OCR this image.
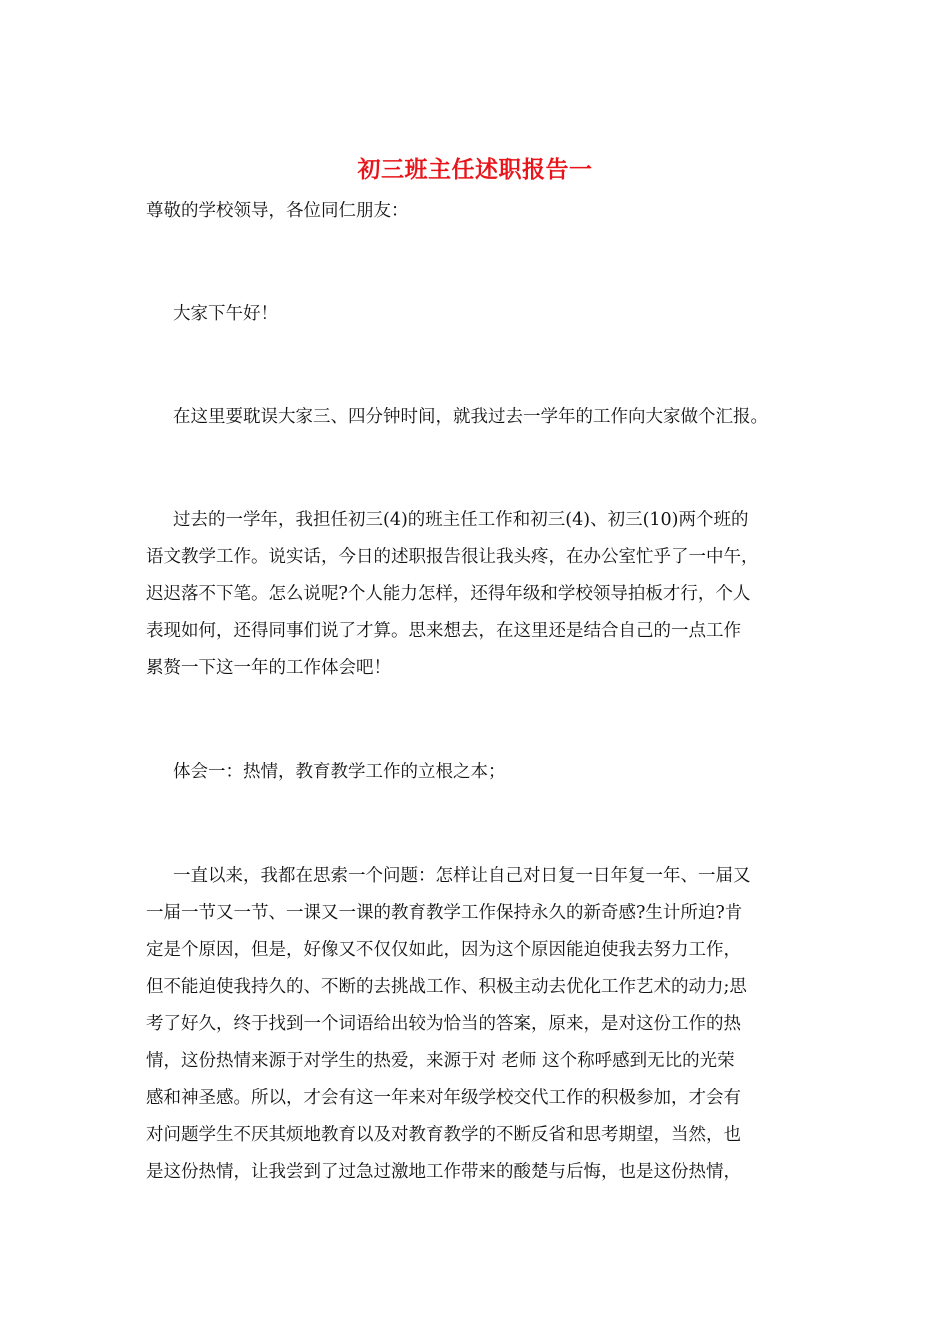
初三班主任述职报告一
尊敬的学校领导，各位同仁朋友：
大家下午好！
在这里要耽误大家三、四分钟时间，就我过去一学年的工作向大家做个汇报。
过去的一学年，我担任初三(4)的班主任工作和初三(4)、初三(10)两个班的
语文教学工作。说实话，今日的述职报告很让我头疼，在办公室忙乎了一中午，
迟迟落不下笔。怎么说呢?个人能力怎样，还得年级和学校领导拍板才行，个人
表现如何，还得同事们说了才算。思来想去，在这里还是结合自己的一点工作
累赘一下这一年的工作体会吧！
体会一：热情，教育教学工作的立根之本；
一直以来，我都在思索一个问题：怎样让自己对日复一日年复一年、一届又
一届一节又一节、一课又一课的教育教学工作保持永久的新奇感?生计所迫?肯
定是个原因，但是，好像又不仅仅如此，因为这个原因能迫使我去努力工作，
但不能迫使我持久的、不断的去挑战工作、积极主动去优化工作艺术的动力;思
考了好久，终于找到一个词语给出较为恰当的答案，原来，是对这份工作的热
情，这份热情来源于对学生的热爱，来源于对 老师 这个称呼感到无比的光荣
感和神圣感。所以，才会有这一年来对年级学校交代工作的积极参加，才会有
对问题学生不厌其烦地教育以及对教育教学的不断反省和思考期望，当然，也
是这份热情，让我尝到了过急过激地工作带来的酸楚与后悔，也是这份热情，
